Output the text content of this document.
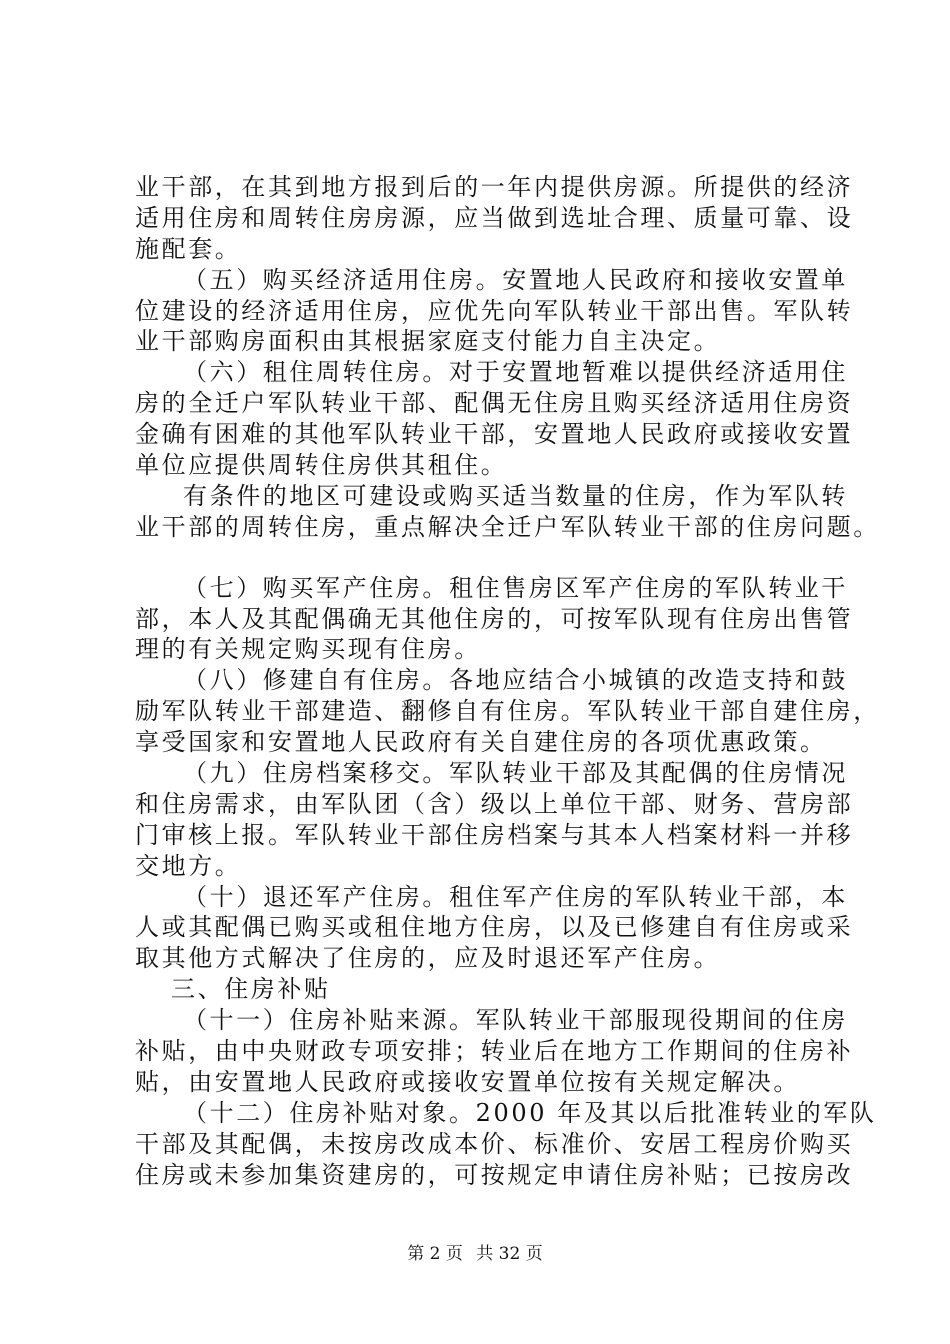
业干部，在其到地方报到后的一年内提供房源。所提供的经济
适用住房和周转住房房源，应当做到选址合理、质量可靠、设
施配套。
（五）购买经济适用住房。安置地人民政府和接收安置单
位建设的经济适用住房，应优先向军队转业干部出售。军队转
业干部购房面积由其根据家庭支付能力自主决定。
（六）租住周转住房。对于安置地暂难以提供经济适用住
房的全迁户军队转业干部、配偶无住房且购买经济适用住房资
金确有困难的其他军队转业干部，安置地人民政府或接收安置
单位应提供周转住房供其租住。
有条件的地区可建设或购买适当数量的住房，作为军队转
业干部的周转住房，重点解决全迁户军队转业干部的住房问题。
（七）购买军产住房。租住售房区军产住房的军队转业干
部，本人及其配偶确无其他住房的，可按军队现有住房出售管
理的有关规定购买现有住房。
（八）修建自有住房。各地应结合小城镇的改造支持和鼓
励军队转业干部建造、翻修自有住房。军队转业干部自建住房，
享受国家和安置地人民政府有关自建住房的各项优惠政策。
（九）住房档案移交。军队转业干部及其配偶的住房情况
和住房需求，由军队团（含）级以上单位干部、财务、营房部
门审核上报。军队转业干部住房档案与其本人档案材料一并移
交地方。
（十）退还军产住房。租住军产住房的军队转业干部，本
人或其配偶已购买或租住地方住房，以及已修建自有住房或采
取其他方式解决了住房的，应及时退还军产住房。
三、住房补贴
（十一）住房补贴来源。军队转业干部服现役期间的住房
补贴，由中央财政专项安排；转业后在地方工作期间的住房补
贴，由安置地人民政府或接收安置单位按有关规定解决。
（十二）住房补贴对象。2000 年及其以后批准转业的军队
干部及其配偶，未按房改成本价、标准价、安居工程房价购买
住房或未参加集资建房的，可按规定申请住房补贴；已按房改
第 2 页 共 32 页
